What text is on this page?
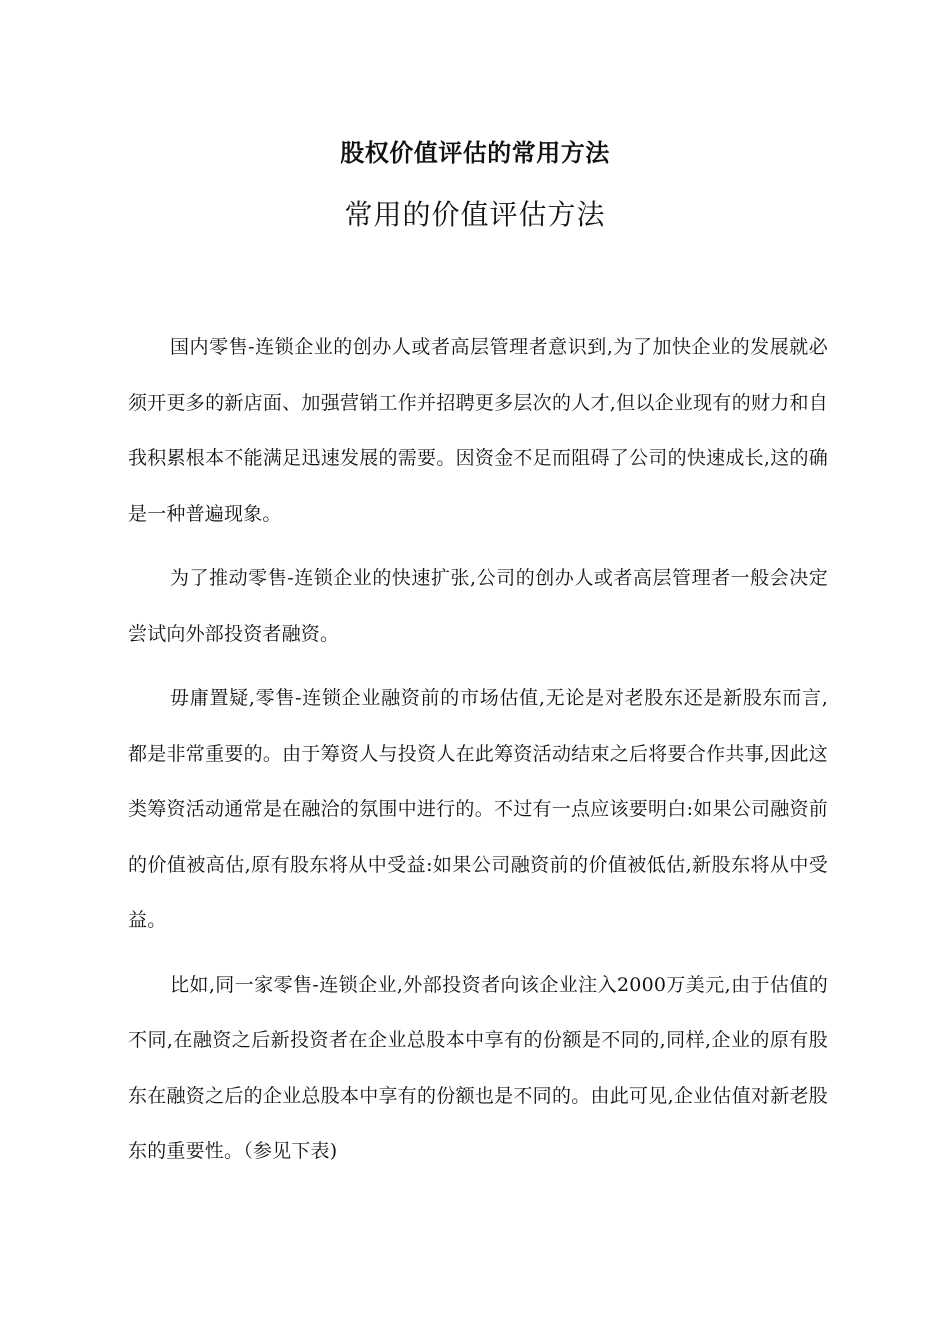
股权价值评估的常用方法
常用的价值评估方法

国内零售-连锁企业的创办人或者高层管理者意识到,为了加快企业的发展就必须开更多的新店面、加强营销工作并招聘更多层次的人才,但以企业现有的财力和自我积累根本不能满足迅速发展的需要。因资金不足而阻碍了公司的快速成长,这的确是一种普遍现象。

为了推动零售-连锁企业的快速扩张,公司的创办人或者高层管理者一般会决定尝试向外部投资者融资。

毋庸置疑,零售-连锁企业融资前的市场估值,无论是对老股东还是新股东而言,都是非常重要的。由于筹资人与投资人在此筹资活动结束之后将要合作共事,因此这类筹资活动通常是在融洽的氛围中进行的。不过有一点应该要明白:如果公司融资前的价值被高估,原有股东将从中受益:如果公司融资前的价值被低估,新股东将从中受益。

比如,同一家零售-连锁企业,外部投资者向该企业注入2000万美元,由于估值的不同,在融资之后新投资者在企业总股本中享有的份额是不同的,同样,企业的原有股东在融资之后的企业总股本中享有的份额也是不同的。由此可见,企业估值对新老股东的重要性。（参见下表)
